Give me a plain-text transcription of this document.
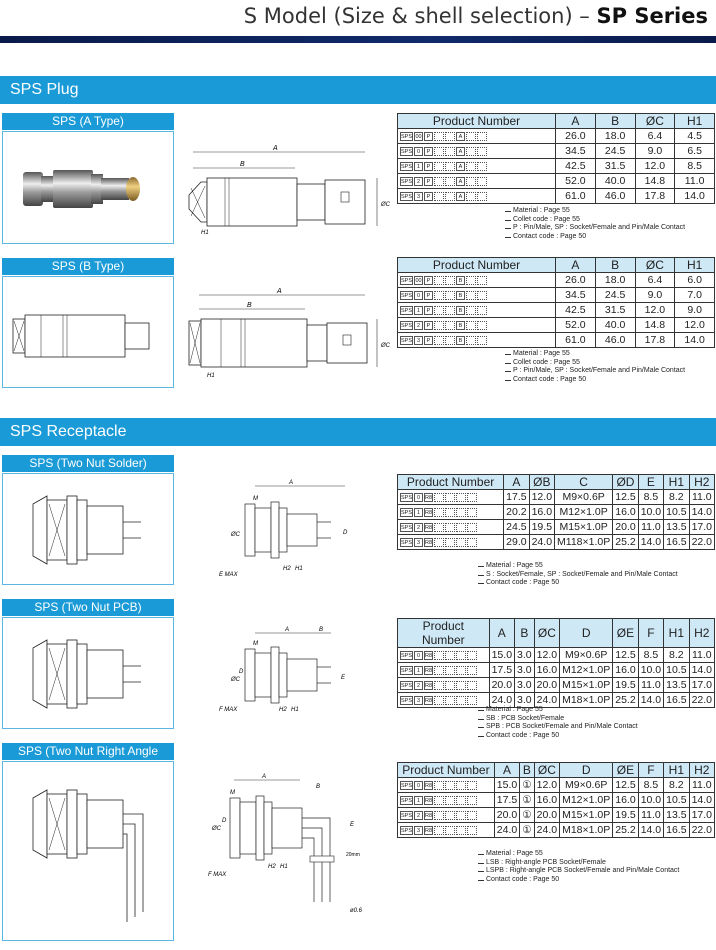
S Model (Size & shell selection) – SP Series
SPS Plug
SPS (A Type)
A
B
ØC
H1
Product Number	A	B	ØC	H1
SPS 00 P A	26.0	18.0	6.4	4.5
SPS 0 P A	34.5	24.5	9.0	6.5
SPS 1 P A	42.5	31.5	12.0	8.5
SPS 2 P A	52.0	40.0	14.8	11.0
SPS 3 P A	61.0	46.0	17.8	14.0
Material : Page 55
Collet code : Page 55
P : Pin/Male, SP : Socket/Female and Pin/Male Contact
Contact code : Page 50
SPS (B Type)
A
B
ØC
H1
Product Number	A	B	ØC	H1
SPS 00 P B	26.0	18.0	6.4	6.0
SPS 0 P B	34.5	24.5	9.0	7.0
SPS 1 P B	42.5	31.5	12.0	9.0
SPS 2 P B	52.0	40.0	14.8	12.0
SPS 3 P B	61.0	46.0	17.8	14.0
Material : Page 55
Collet code : Page 55
P : Pin/Male, SP : Socket/Female and Pin/Male Contact
Contact code : Page 50
SPS Receptacle
SPS (Two Nut Solder)
A
M
ØC	D
E MAX
H2 H1
Product Number	A	ØB	C	ØD	E	H1	H2
SPS 0 R8	17.5	12.0	M9×0.6P	12.5	8.5	8.2	11.0
SPS 1 R8	20.2	16.0	M12×1.0P	16.0	10.0	10.5	14.0
SPS 2 R8	24.5	19.5	M15×1.0P	20.0	11.0	13.5	17.0
SPS 3 R8	29.0	24.0	M118×1.0P	25.2	14.0	16.5	22.0
Material : Page 55
S : Socket/Female, SP : Socket/Female and Pin/Male Contact
Contact code : Page 50
SPS (Two Nut PCB)
A	B
M
ØC
D
E
F MAX	H2 H1
Product Number	A	B	ØC	D	ØE	F	H1	H2
SPS 0 R8	15.0	3.0	12.0	M9×0.6P	12.5	8.5	8.2	11.0
SPS 1 R8	17.5	3.0	16.0	M12×1.0P	16.0	10.0	10.5	14.0
SPS 2 R8	20.0	3.0	20.0	M15×1.0P	19.5	11.0	13.5	17.0
SPS 3 R8	24.0	3.0	24.0	M18×1.0P	25.2	14.0	16.5	22.0
Material : Page 55
SB : PCB Socket/Female
SPB : PCB Socket/Female and Pin/Male Contact
Contact code : Page 50
SPS (Two Nut Right Angle
A
B
M
ØC
D
E
20mm
F MAX
H2 H1
ø0.6
Product Number	A	B	ØC	D	ØE	F	H1	H2
SPS 0 R8	15.0	①	12.0	M9×0.6P	12.5	8.5	8.2	11.0
SPS 1 R8	17.5	①	16.0	M12×1.0P	16.0	10.0	10.5	14.0
SPS 2 R8	20.0	①	20.0	M15×1.0P	19.5	11.0	13.5	17.0
SPS 3 R8	24.0	①	24.0	M18×1.0P	25.2	14.0	16.5	22.0
Material : Page 55
LSB : Right-angle PCB Socket/Female
LSPB : Right-angle PCB Socket/Female and Pin/Male Contact
Contact code : Page 50
